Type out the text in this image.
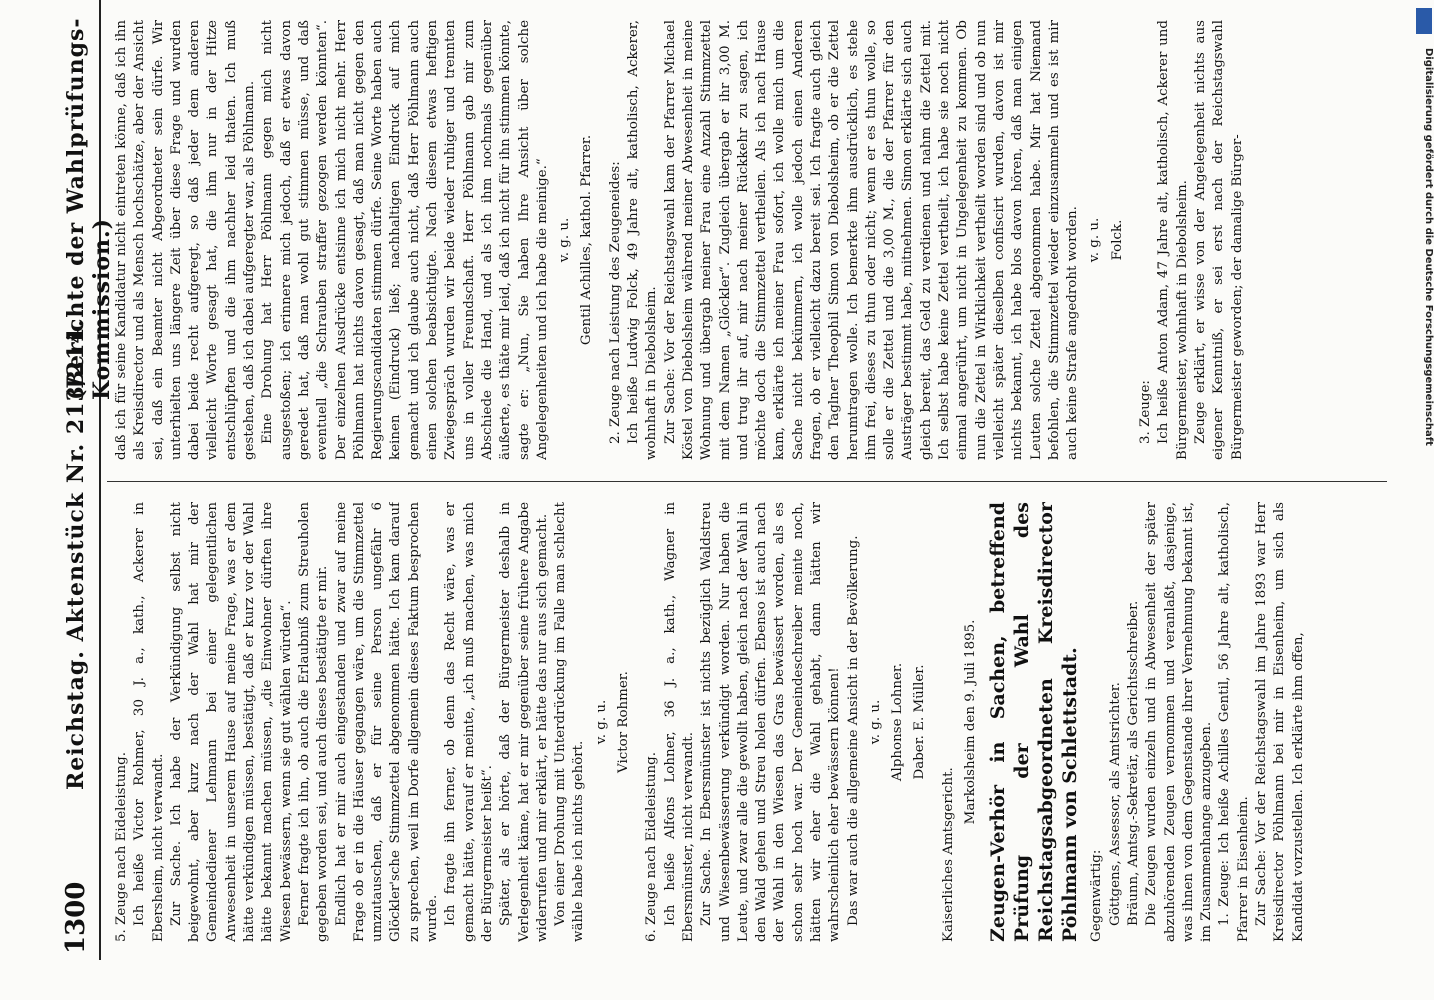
1300
Reichstag. Aktenstück Nr. 213/214.
(Berichte der Wahlprüfungs-Kommission.)

5. Zeuge nach Eideleistung. Ich heiße Victor Rohmer, 30 J. a., kath., Ackerer in Ebersheim, nicht verwandt. Zur Sache. Ich habe der Verkündigung selbst nicht beigewohnt, aber kurz nach der Wahl hat mir der Gemeindediener Lehmann bei einer gelegentlichen Anwesenheit in unserem Hause auf meine Frage, was er dem hätte verkündigen müssen, bestätigt, daß er kurz vor der Wahl hätte bekannt machen müssen, „die Einwohner dürften ihre Wiesen bewässern, wenn sie gut wählen würden“. Ferner fragte ich ihn, ob auch die Erlaubniß zum Streuholen gegeben worden sei, und auch dieses bestätigte er mir. Endlich hat er mir auch eingestanden und zwar auf meine Frage ob er in die Häuser gegangen wäre, um die Stimmzettel umzutauschen, daß er für seine Person ungefähr 6 Glöckler'sche Stimmzettel abgenommen hätte. Ich kam darauf zu sprechen, weil im Dorfe allgemein dieses Faktum besprochen wurde. Ich fragte ihn ferner, ob denn das Recht wäre, was er gemacht hätte, worauf er meinte, „ich muß machen, was mich der Bürgermeister heißt“. Später, als er hörte, daß der Bürgermeister deshalb in Verlegenheit käme, hat er mir gegenüber seine frühere Angabe widerrufen und mir erklärt, er hätte das nur aus sich gemacht. Von einer Drohung mit Unterdrückung im Falle man schlecht wähle habe ich nichts gehört.

v. g. u. Victor Rohmer.

6. Zeuge nach Eideleistung. Ich heiße Alfons Lohner, 36 J. a., kath., Wagner in Ebersmünster, nicht verwandt. Zur Sache. In Ebersmünster ist nichts bezüglich Waldstreu und Wiesenbewässerung verkündigt worden. Nur haben die Leute, und zwar alle die gewollt haben, gleich nach der Wahl in den Wald gehen und Streu holen dürfen. Ebenso ist auch nach der Wahl in den Wiesen das Gras bewässert worden, als es schon sehr hoch war. Der Gemeindeschreiber meinte noch, hätten wir eher die Wahl gehabt, dann hätten wir wahrscheinlich eher bewässern können! Das war auch die allgemeine Ansicht in der Bevölkerung. v. g. u. Alphonse Lohner. Daber. E. Müller.

Kaiserliches Amtsgericht.

Markolsheim den 9. Juli 1895. Zeugen-Verhör in Sachen, betreffend Prüfung der Wahl des Reichstagsabgeordneten Kreisdirector Pöhlmann von Schlettstadt. Gegenwärtig: Göttgens, Assessor, als Amtsrichter. Bräunn, Amtsg.-Sekretär, als Gerichtsschreiber. Die Zeugen wurden einzeln und in Abwesenheit der später abzuhörenden Zeugen vernommen und veranlaßt, dasjenige, was ihnen von dem Gegenstande ihrer Vernehmung bekannt ist, im Zusammenhange anzugeben. 1. Zeuge: Ich heiße Achilles Gentil, 56 Jahre alt, katholisch, Pfarrer in Eisenheim. Zur Sache: Vor der Reichstagswahl im Jahre 1893 war Herr Kreisdirector Pöhlmann bei mir in Eisenheim, um sich als Kandidat vorzustellen. Ich erklärte ihm offen,

daß ich für seine Kandidatur nicht eintreten könne, daß ich ihn als Kreisdirector und als Mensch hochschätze, aber der Ansicht sei, daß ein Beamter nicht Abgeordneter sein dürfe. Wir unterhielten uns längere Zeit über diese Frage und wurden dabei beide recht aufgeregt, so daß jeder dem anderen vielleicht Worte gesagt hat, die ihm nur in der Hitze entschlüpften und die ihm nachher leid thaten. Ich muß gestehen, daß ich dabei aufgeregter war, als Pöhlmann. Eine Drohung hat Herr Pöhlmann gegen mich nicht ausgestoßen; ich erinnere mich jedoch, daß er etwas davon geredet hat, daß man wohl gut stimmen müsse, und daß eventuell „die Schrauben straffer gezogen werden könnten“. Der einzelnen Ausdrücke entsinne ich mich nicht mehr. Herr Pöhlmann hat nichts davon gesagt, daß man nicht gegen den Regierungscandidaten stimmen dürfe. Seine Worte haben auch keinen (Eindruck) ließ; nachhaltigen Eindruck auf mich gemacht und ich glaube auch nicht, daß Herr Pöhlmann auch einen solchen beabsichtigte. Nach diesem etwas heftigen Zwiegespräch wurden wir beide wieder ruhiger und trennten uns in voller Freundschaft. Herr Pöhlmann gab mir zum Abschiede die Hand, und als ich ihm nochmals gegenüber äußerte, es thäte mir leid, daß ich nicht für ihn stimmen könnte, sagte er: „Nun, Sie haben Ihre Ansicht über solche Angelegenheiten und ich habe die meinige.“ v. g. u. Gentil Achilles, kathol. Pfarrer. 2. Zeuge nach Leistung des Zeugeneides: Ich heiße Ludwig Folck, 49 Jahre alt, katholisch, Ackerer, wohnhaft in Diebolsheim. Zur Sache: Vor der Reichstagswahl kam der Pfarrer Michael Köstel von Diebolsheim während meiner Abwesenheit in meine Wohnung und übergab meiner Frau eine Anzahl Stimmzettel mit dem Namen „Glöckler“. Zugleich übergab er ihr 3,00 M. und trug ihr auf, mir nach meiner Rückkehr zu sagen, ich möchte doch die Stimmzettel vertheilen. Als ich nach Hause kam, erklärte ich meiner Frau sofort, ich wolle mich um die Sache nicht bekümmern, ich wolle jedoch einen Anderen fragen, ob er vielleicht dazu bereit sei. Ich fragte auch gleich den Taglner Theophil Simon von Diebolsheim, ob er die Zettel herumtragen wolle. Ich bemerkte ihm ausdrücklich, es stehe ihm frei, dieses zu thun oder nicht; wenn er es thun wolle, so solle er die Zettel und die 3,00 M., die der Pfarrer für den Austräger bestimmt habe, mitnehmen. Simon erklärte sich auch gleich bereit, das Geld zu verdienen und nahm die Zettel mit. Ich selbst habe keine Zettel vertheilt, ich habe sie noch nicht einmal angerührt, um nicht in Ungelegenheit zu kommen. Ob nun die Zettel in Wirklichkeit vertheilt worden sind und ob nun vielleicht später dieselben confiscirt wurden, davon ist mir nichts bekannt, ich habe blos davon hören, daß man einigen Leuten solche Zettel abgenommen habe. Mir hat Niemand befohlen, die Stimmzettel wieder einzusammeln und es ist mir auch keine Strafe angedroht worden. v. g. u. Folck.

3. Zeuge: Ich heiße Anton Adam, 47 Jahre alt, katholisch, Ackerer und Bürgermeister, wohnhaft in Diebolsheim. Zeuge erklärt, er wisse von der Angelegenheit nichts aus eigener Kenntniß, er sei erst nach der Reichstagswahl Bürgermeister geworden; der damalige Bürger-	Digitalisierung gefördert durch die Deutsche Forschungsgemeinschaft
